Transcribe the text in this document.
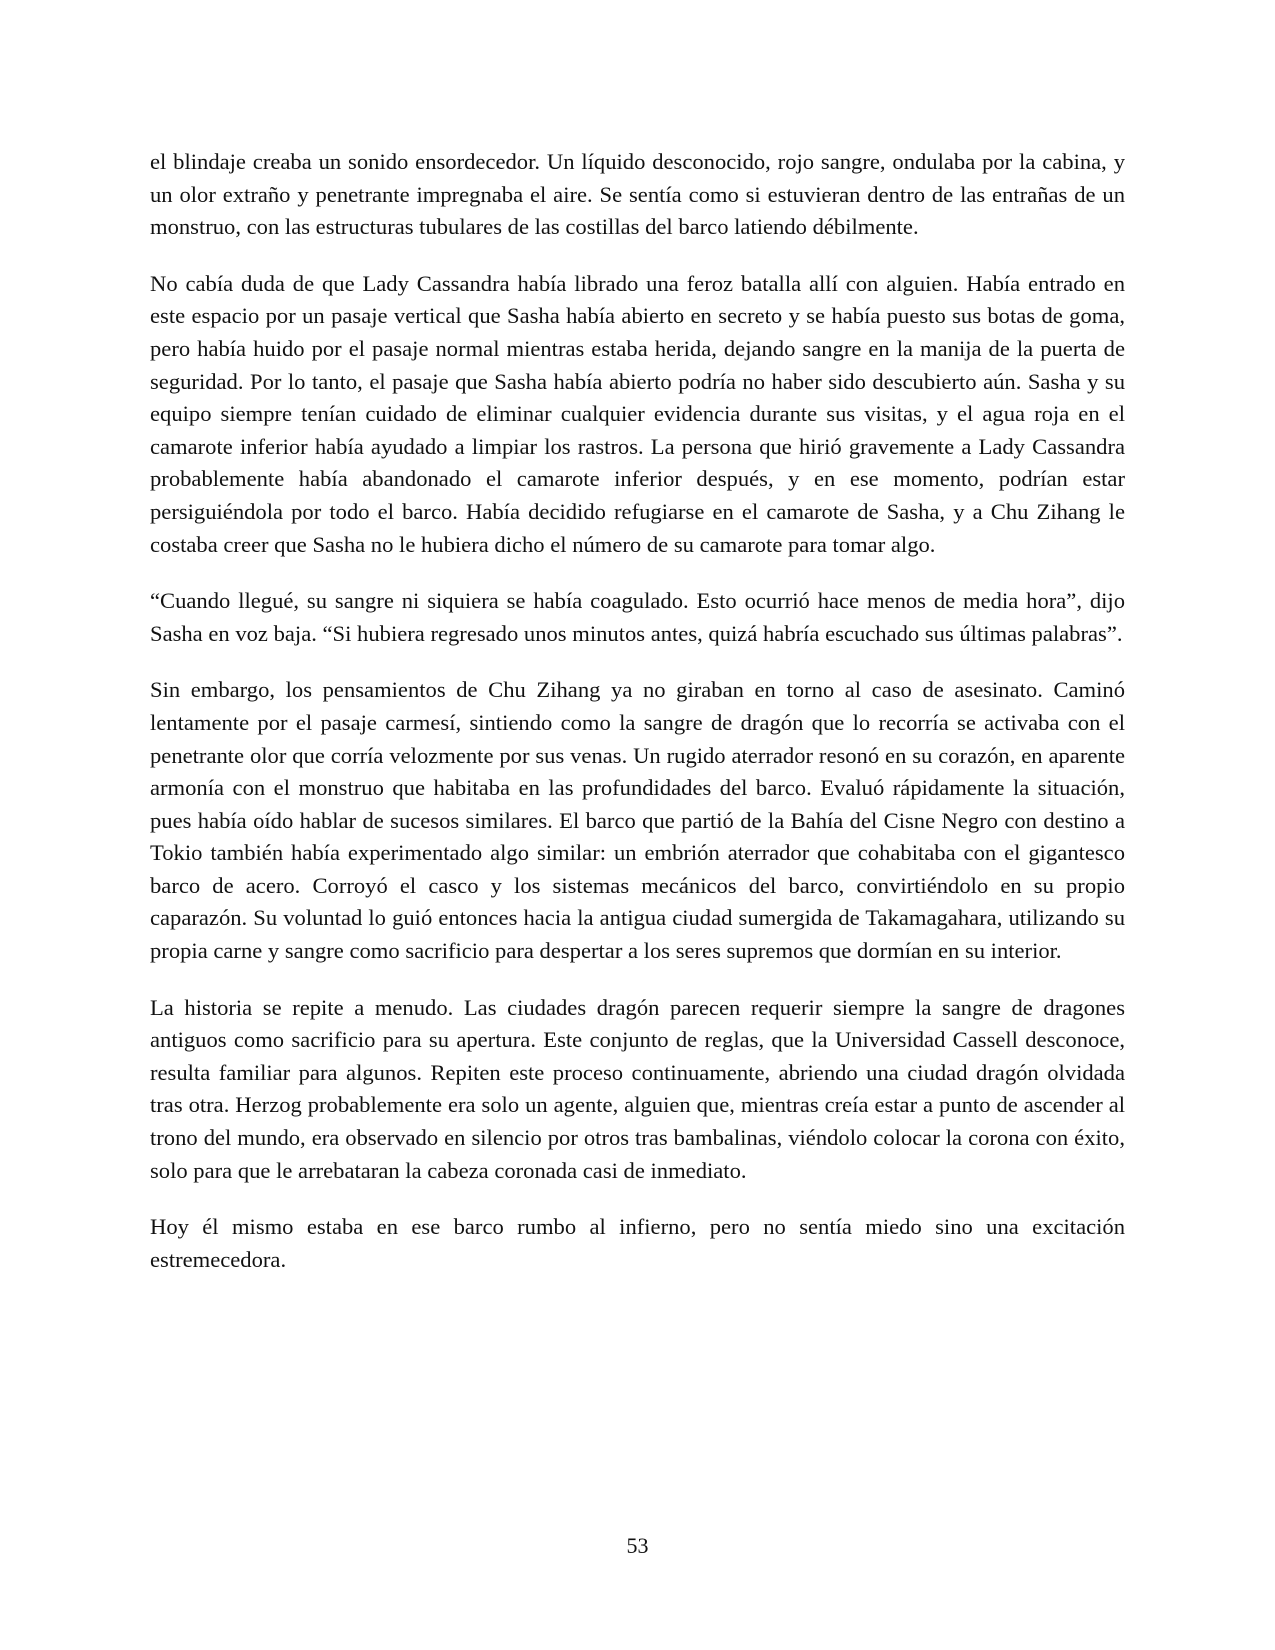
el blindaje creaba un sonido ensordecedor. Un líquido desconocido, rojo sangre, ondulaba por la cabina, y un olor extraño y penetrante impregnaba el aire. Se sentía como si estuvieran dentro de las entrañas de un monstruo, con las estructuras tubulares de las costillas del barco latiendo débilmente.

No cabía duda de que Lady Cassandra había librado una feroz batalla allí con alguien. Había entrado en este espacio por un pasaje vertical que Sasha había abierto en secreto y se había puesto sus botas de goma, pero había huido por el pasaje normal mientras estaba herida, dejando sangre en la manija de la puerta de seguridad. Por lo tanto, el pasaje que Sasha había abierto podría no haber sido descubierto aún. Sasha y su equipo siempre tenían cuidado de eliminar cualquier evidencia durante sus visitas, y el agua roja en el camarote inferior había ayudado a limpiar los rastros. La persona que hirió gravemente a Lady Cassandra probablemente había abandonado el camarote inferior después, y en ese momento, podrían estar persiguiéndola por todo el barco. Había decidido refugiarse en el camarote de Sasha, y a Chu Zihang le costaba creer que Sasha no le hubiera dicho el número de su camarote para tomar algo.

“Cuando llegué, su sangre ni siquiera se había coagulado. Esto ocurrió hace menos de media hora”, dijo Sasha en voz baja. “Si hubiera regresado unos minutos antes, quizá habría escuchado sus últimas palabras”.

Sin embargo, los pensamientos de Chu Zihang ya no giraban en torno al caso de asesinato. Caminó lentamente por el pasaje carmesí, sintiendo como la sangre de dragón que lo recorría se activaba con el penetrante olor que corría velozmente por sus venas. Un rugido aterrador resonó en su corazón, en aparente armonía con el monstruo que habitaba en las profundidades del barco. Evaluó rápidamente la situación, pues había oído hablar de sucesos similares. El barco que partió de la Bahía del Cisne Negro con destino a Tokio también había experimentado algo similar: un embrión aterrador que cohabitaba con el gigantesco barco de acero. Corroyó el casco y los sistemas mecánicos del barco, convirtiéndolo en su propio caparazón. Su voluntad lo guió entonces hacia la antigua ciudad sumergida de Takamagahara, utilizando su propia carne y sangre como sacrificio para despertar a los seres supremos que dormían en su interior.

La historia se repite a menudo. Las ciudades dragón parecen requerir siempre la sangre de dragones antiguos como sacrificio para su apertura. Este conjunto de reglas, que la Universidad Cassell desconoce, resulta familiar para algunos. Repiten este proceso continuamente, abriendo una ciudad dragón olvidada tras otra. Herzog probablemente era solo un agente, alguien que, mientras creía estar a punto de ascender al trono del mundo, era observado en silencio por otros tras bambalinas, viéndolo colocar la corona con éxito, solo para que le arrebataran la cabeza coronada casi de inmediato.

Hoy él mismo estaba en ese barco rumbo al infierno, pero no sentía miedo sino una excitación estremecedora.

53
